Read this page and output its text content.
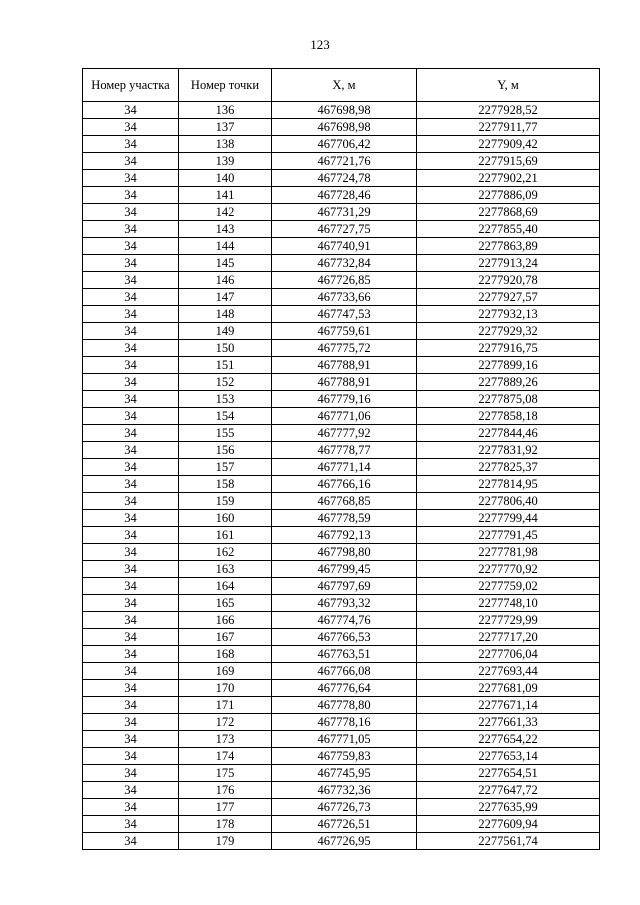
123
Номер участка	Номер точки	X, м	Y, м
34	136	467698,98	2277928,52
34	137	467698,98	2277911,77
34	138	467706,42	2277909,42
34	139	467721,76	2277915,69
34	140	467724,78	2277902,21
34	141	467728,46	2277886,09
34	142	467731,29	2277868,69
34	143	467727,75	2277855,40
34	144	467740,91	2277863,89
34	145	467732,84	2277913,24
34	146	467726,85	2277920,78
34	147	467733,66	2277927,57
34	148	467747,53	2277932,13
34	149	467759,61	2277929,32
34	150	467775,72	2277916,75
34	151	467788,91	2277899,16
34	152	467788,91	2277889,26
34	153	467779,16	2277875,08
34	154	467771,06	2277858,18
34	155	467777,92	2277844,46
34	156	467778,77	2277831,92
34	157	467771,14	2277825,37
34	158	467766,16	2277814,95
34	159	467768,85	2277806,40
34	160	467778,59	2277799,44
34	161	467792,13	2277791,45
34	162	467798,80	2277781,98
34	163	467799,45	2277770,92
34	164	467797,69	2277759,02
34	165	467793,32	2277748,10
34	166	467774,76	2277729,99
34	167	467766,53	2277717,20
34	168	467763,51	2277706,04
34	169	467766,08	2277693,44
34	170	467776,64	2277681,09
34	171	467778,80	2277671,14
34	172	467778,16	2277661,33
34	173	467771,05	2277654,22
34	174	467759,83	2277653,14
34	175	467745,95	2277654,51
34	176	467732,36	2277647,72
34	177	467726,73	2277635,99
34	178	467726,51	2277609,94
34	179	467726,95	2277561,74
